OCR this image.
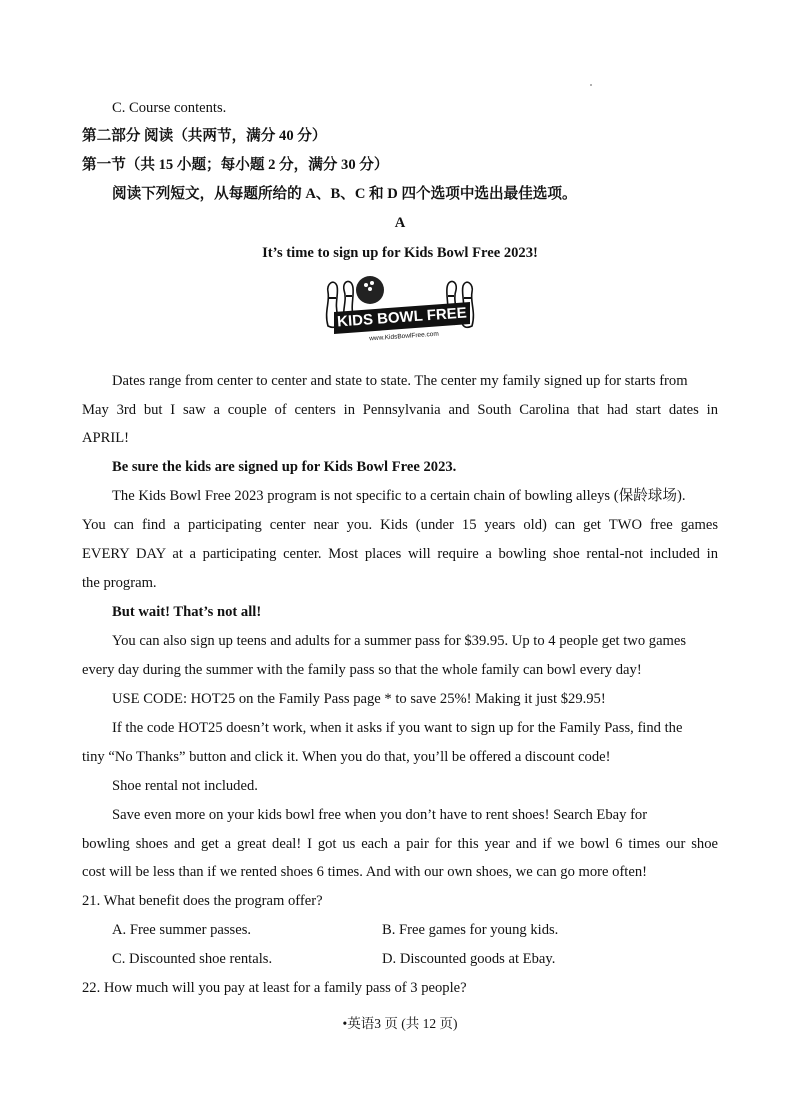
C. Course contents.
第二部分 阅读（共两节，满分 40 分）
第一节（共 15 小题；每小题 2 分，满分 30 分）
阅读下列短文，从每题所给的 A、B、C 和 D 四个选项中选出最佳选项。
A
It’s time to sign up for Kids Bowl Free 2023!
KIDS BOWL FREE
www.KidsBowlFree.com
Dates range from center to center and state to state. The center my family signed up for starts from
May 3rd but I saw a couple of centers in Pennsylvania and South Carolina that had start dates in
APRIL!
Be sure the kids are signed up for Kids Bowl Free 2023.
The Kids Bowl Free 2023 program is not specific to a certain chain of bowling alleys (保龄球场).
You can find a participating center near you. Kids (under 15 years old) can get TWO free games
EVERY DAY at a participating center. Most places will require a bowling shoe rental-not included in
the program.
But wait! That’s not all!
You can also sign up teens and adults for a summer pass for $39.95. Up to 4 people get two games
every day during the summer with the family pass so that the whole family can bowl every day!
USE CODE: HOT25 on the Family Pass page * to save 25%! Making it just $29.95!
If the code HOT25 doesn’t work, when it asks if you want to sign up for the Family Pass, find the
tiny “No Thanks” button and click it. When you do that, you’ll be offered a discount code!
Shoe rental not included.
Save even more on your kids bowl free when you don’t have to rent shoes! Search Ebay for
bowling shoes and get a great deal! I got us each a pair for this year and if we bowl 6 times our shoe
cost will be less than if we rented shoes 6 times. And with our own shoes, we can go more often!
21. What benefit does the program offer?
A. Free summer passes.	B. Free games for young kids.
C. Discounted shoe rentals.	D. Discounted goods at Ebay.
22. How much will you pay at least for a family pass of 3 people?
•英语3 页 (共 12 页)
